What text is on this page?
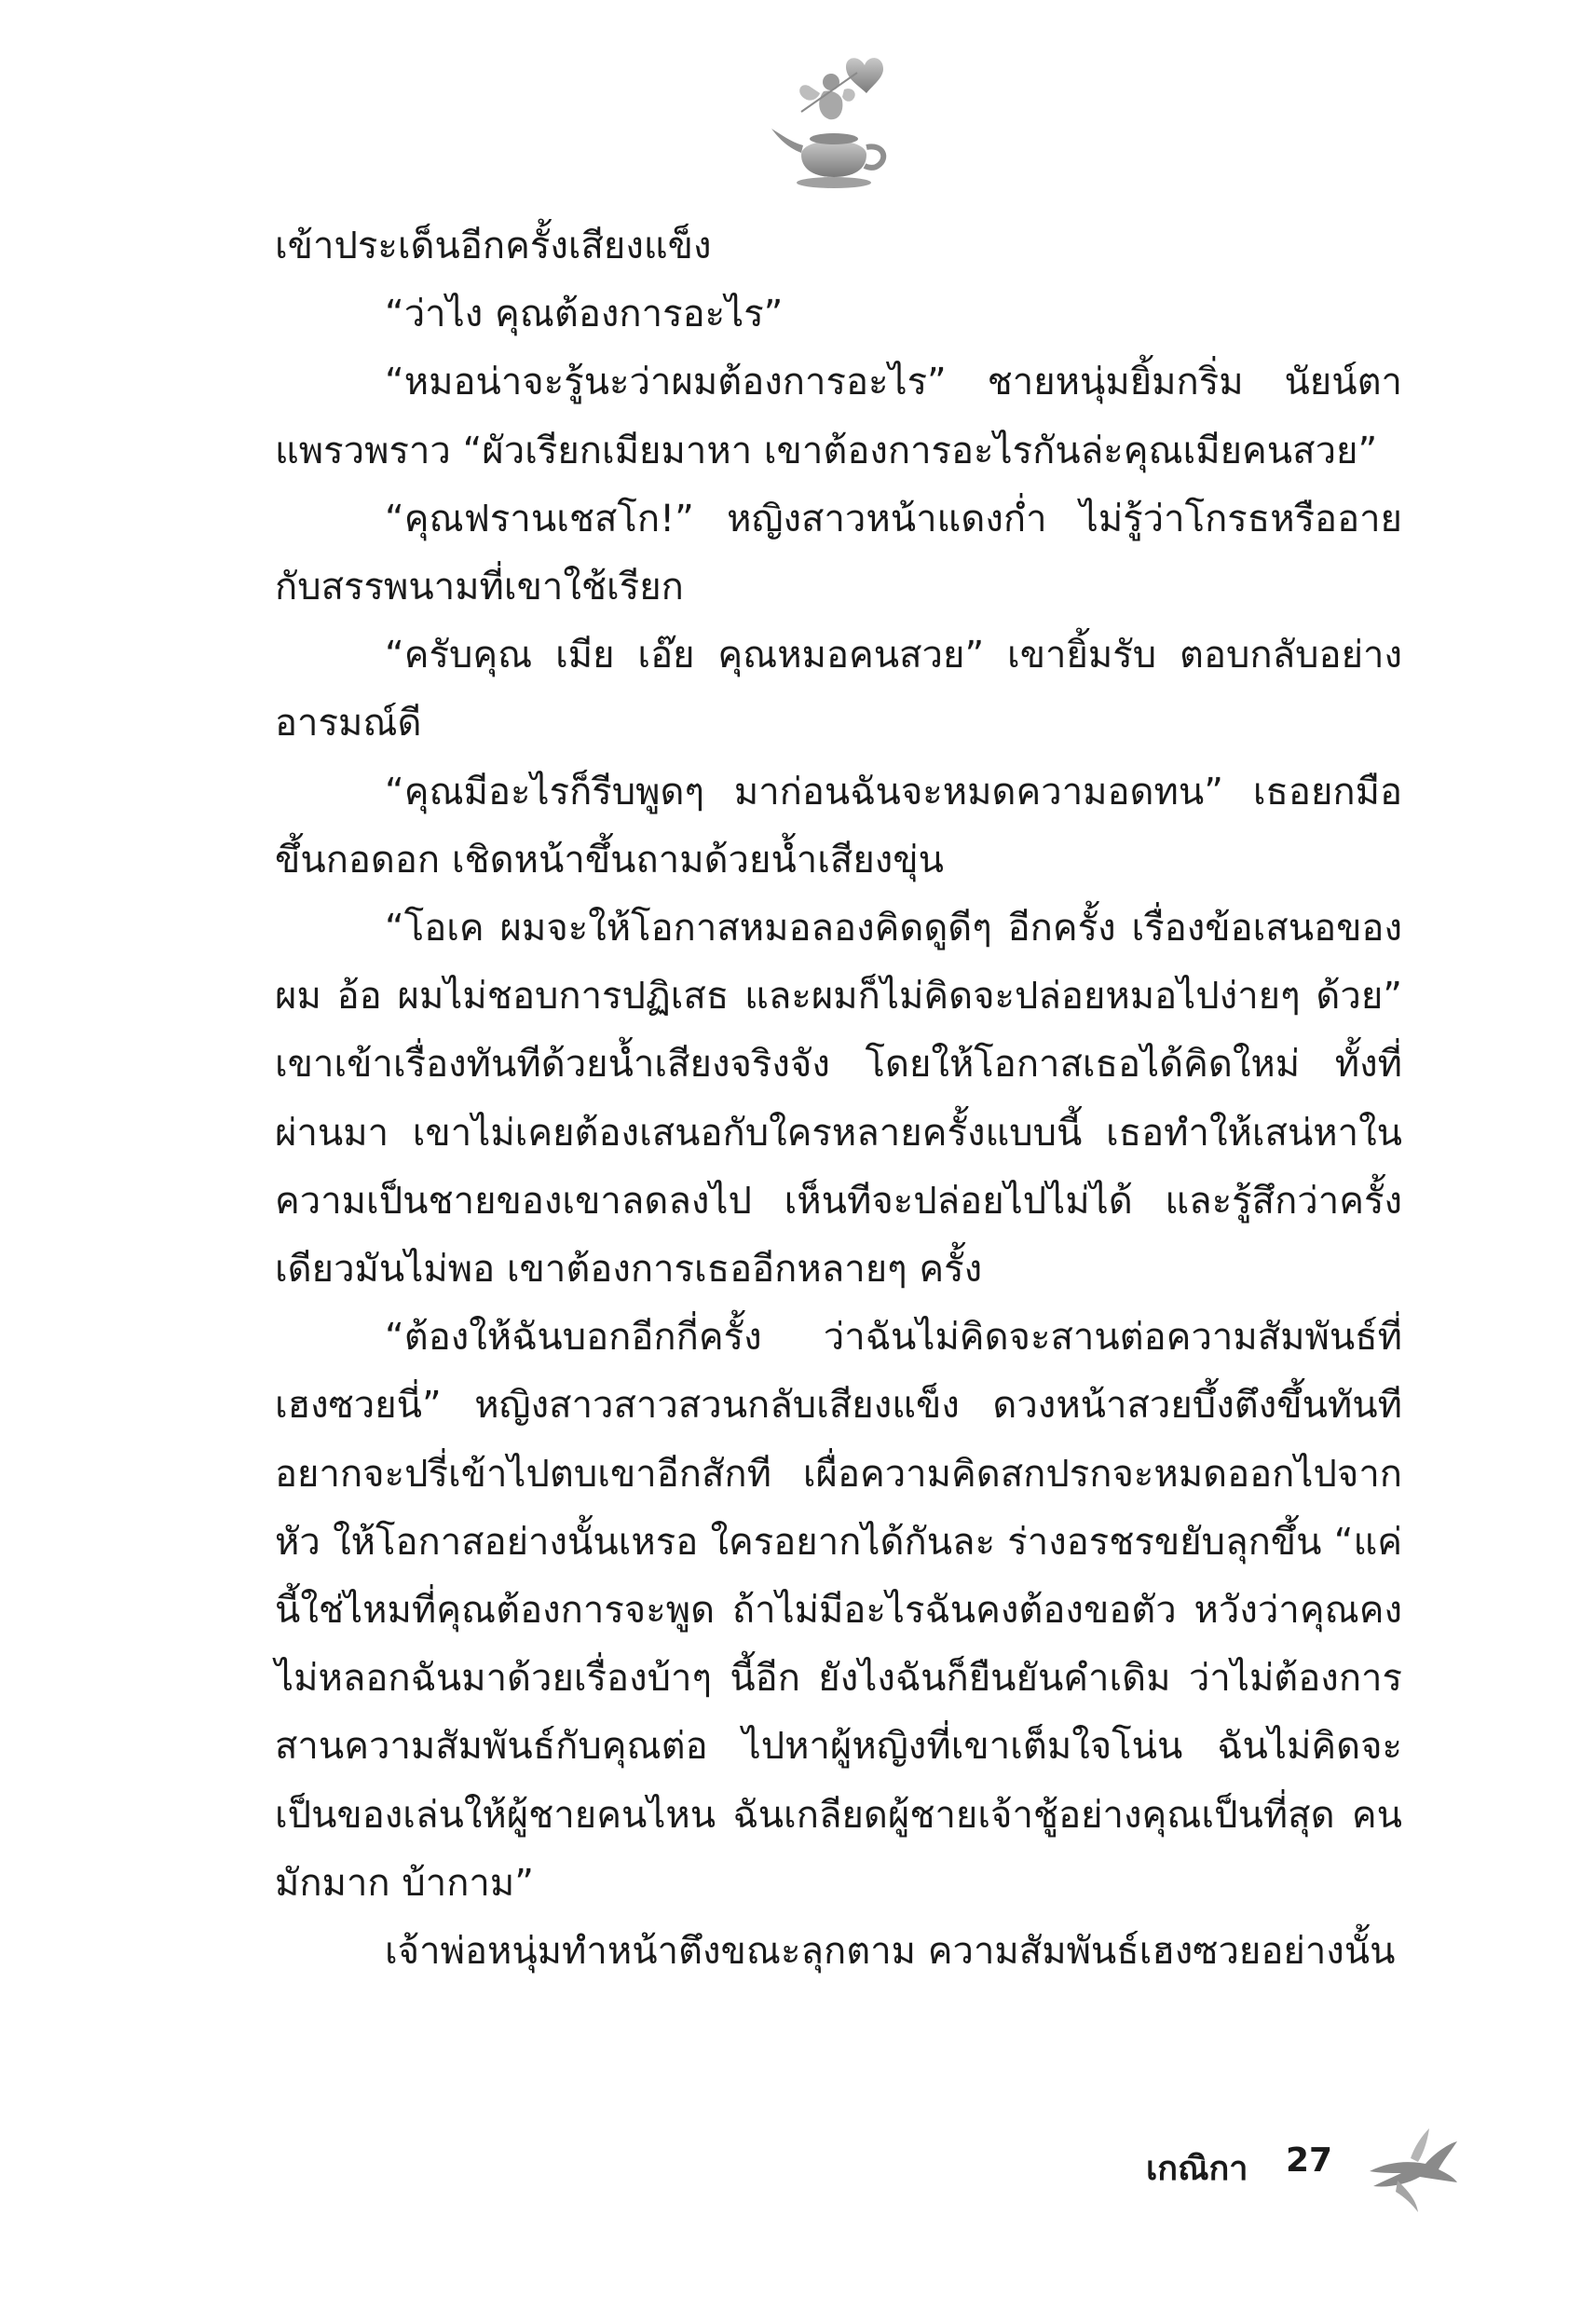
เข้าประเด็นอีกครั้งเสียงแข็ง

“ว่าไง คุณต้องการอะไร”

“หมอน่าจะรู้นะว่าผมต้องการอะไร” ชายหนุ่มยิ้มกริ่ม นัยน์ตาแพรวพราว “ผัวเรียกเมียมาหา เขาต้องการอะไรกันล่ะคุณเมียคนสวย”

“คุณฟรานเชสโก!” หญิงสาวหน้าแดงก่ำ ไม่รู้ว่าโกรธหรืออายกับสรรพนามที่เขาใช้เรียก

“ครับคุณ เมีย เอ๊ย คุณหมอคนสวย” เขายิ้มรับ ตอบกลับอย่างอารมณ์ดี

“คุณมีอะไรก็รีบพูดๆ มาก่อนฉันจะหมดความอดทน” เธอยกมือขึ้นกอดอก เชิดหน้าขึ้นถามด้วยน้ำเสียงขุ่น

“โอเค ผมจะให้โอกาสหมอลองคิดดูดีๆ อีกครั้ง เรื่องข้อเสนอของผม อ้อ ผมไม่ชอบการปฏิเสธ และผมก็ไม่คิดจะปล่อยหมอไปง่ายๆ ด้วย” เขาเข้าเรื่องทันทีด้วยน้ำเสียงจริงจัง โดยให้โอกาสเธอได้คิดใหม่ ทั้งที่ผ่านมา เขาไม่เคยต้องเสนอกับใครหลายครั้งแบบนี้ เธอทำให้เสน่หาในความเป็นชายของเขาลดลงไป เห็นทีจะปล่อยไปไม่ได้ และรู้สึกว่าครั้งเดียวมันไม่พอ เขาต้องการเธออีกหลายๆ ครั้ง

“ต้องให้ฉันบอกอีกกี่ครั้ง ว่าฉันไม่คิดจะสานต่อความสัมพันธ์ที่เฮงซวยนี่” หญิงสาวสาวสวนกลับเสียงแข็ง ดวงหน้าสวยบึ้งตึงขึ้นทันที อยากจะปรี่เข้าไปตบเขาอีกสักที เผื่อความคิดสกปรกจะหมดออกไปจากหัว ให้โอกาสอย่างนั้นเหรอ ใครอยากได้กันละ ร่างอรชรขยับลุกขึ้น “แค่นี้ใช่ไหมที่คุณต้องการจะพูด ถ้าไม่มีอะไรฉันคงต้องขอตัว หวังว่าคุณคงไม่หลอกฉันมาด้วยเรื่องบ้าๆ นี้อีก ยังไงฉันก็ยืนยันคำเดิม ว่าไม่ต้องการสานความสัมพันธ์กับคุณต่อ ไปหาผู้หญิงที่เขาเต็มใจโน่น ฉันไม่คิดจะเป็นของเล่นให้ผู้ชายคนไหน ฉันเกลียดผู้ชายเจ้าชู้อย่างคุณเป็นที่สุด คนมักมาก บ้ากาม”

เจ้าพ่อหนุ่มทำหน้าตึงขณะลุกตาม ความสัมพันธ์เฮงซวยอย่างนั้น

เกณิกา 27
